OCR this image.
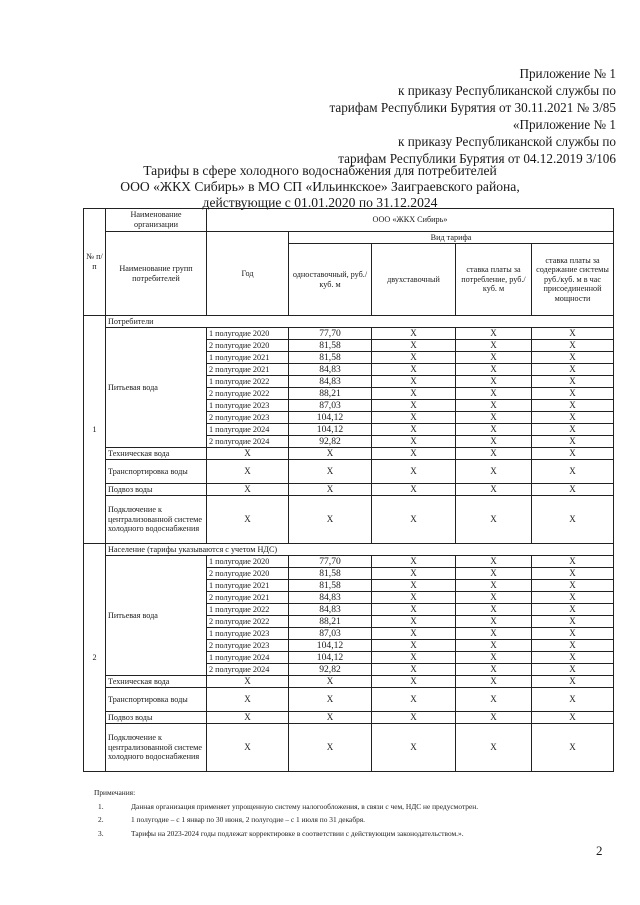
Приложение № 1
к приказу Республиканской службы по
тарифам Республики Бурятия от 30.11.2021 № 3/85
«Приложение № 1
к приказу Республиканской службы по
тарифам Республики Бурятия от 04.12.2019 3/106
Тарифы в сфере холодного водоснабжения для потребителей
ООО «ЖКХ Сибирь» в МО СП «Ильинкское» Заиграевского района,
действующие с 01.01.2020 по 31.12.2024
№ п/п	Наименование организации	ООО «ЖКХ Сибирь»				
	Наименование групп потребителей	Год	Вид тарифа			
			одноставочный, руб./ куб. м	двухставочный	ставка платы за потребление, руб./ куб. м	ставка платы за содержание системы руб./куб. м в час присоединенной мощности
1	Потребители					
	Питьевая вода	1 полугодие 2020	77,70	Х	Х	Х
		2 полугодие 2020	81,58	Х	Х	Х
		1 полугодие 2021	81,58	Х	Х	Х
		2 полугодие 2021	84,83	Х	Х	Х
		1 полугодие 2022	84,83	Х	Х	Х
		2 полугодие 2022	88,21	Х	Х	Х
		1 полугодие 2023	87,03	Х	Х	Х
		2 полугодие 2023	104,12	Х	Х	Х
		1 полугодие 2024	104,12	Х	Х	Х
		2 полугодие 2024	92,82	Х	Х	Х
	Техническая вода	Х	Х	Х	Х	Х
	Транспортировка воды	Х	Х	Х	Х	Х
	Подвоз воды	Х	Х	Х	Х	Х
	Подключение к централизованной системе холодного водоснабжения	Х	Х	Х	Х	Х
2	Население (тарифы указываются с учетом НДС)					
	Питьевая вода	1 полугодие 2020	77,70	Х	Х	Х
		2 полугодие 2020	81,58	Х	Х	Х
		1 полугодие 2021	81,58	Х	Х	Х
		2 полугодие 2021	84,83	Х	Х	Х
		1 полугодие 2022	84,83	Х	Х	Х
		2 полугодие 2022	88,21	Х	Х	Х
		1 полугодие 2023	87,03	Х	Х	Х
		2 полугодие 2023	104,12	Х	Х	Х
		1 полугодие 2024	104,12	Х	Х	Х
		2 полугодие 2024	92,82	Х	Х	Х
	Техническая вода	Х	Х	Х	Х	Х
	Транспортировка воды	Х	Х	Х	Х	Х
	Подвоз воды	Х	Х	Х	Х	Х
	Подключение к централизованной системе холодного водоснабжения	Х	Х	Х	Х	Х
Примечания:
1.	Данная организация применяет упрощенную систему налогообложения, в связи с чем, НДС не предусмотрен.
2.	1 полугодие – с 1 январ по 30 июня, 2 полугодие – с 1 июля по 31 декабря.
3.	Тарифы на 2023-2024 годы подлежат корректировке в соответствии с действующим законодательством.».
2
